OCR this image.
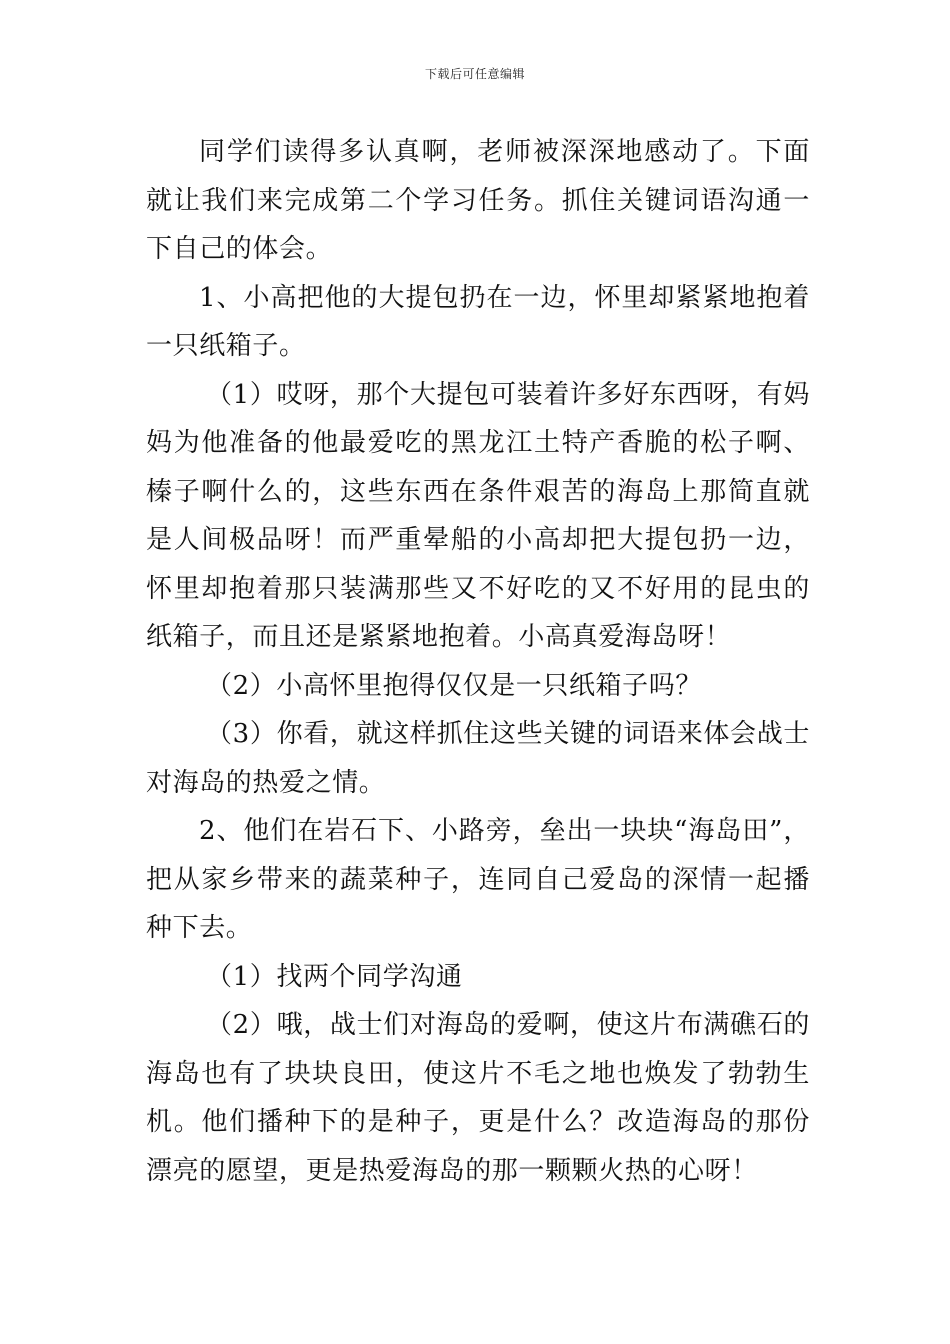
下载后可任意编辑

同学们读得多认真啊，老师被深深地感动了。下面就让我们来完成第二个学习任务。抓住关键词语沟通一下自己的体会。

1、小高把他的大提包扔在一边，怀里却紧紧地抱着一只纸箱子。

（1）哎呀，那个大提包可装着许多好东西呀，有妈妈为他准备的他最爱吃的黑龙江土特产香脆的松子啊、榛子啊什么的，这些东西在条件艰苦的海岛上那简直就是人间极品呀！而严重晕船的小高却把大提包扔一边，怀里却抱着那只装满那些又不好吃的又不好用的昆虫的纸箱子，而且还是紧紧地抱着。小高真爱海岛呀！

（2）小高怀里抱得仅仅是一只纸箱子吗？

（3）你看，就这样抓住这些关键的词语来体会战士对海岛的热爱之情。

2、他们在岩石下、小路旁，垒出一块块“海岛田”，把从家乡带来的蔬菜种子，连同自己爱岛的深情一起播种下去。

（1）找两个同学沟通

（2）哦，战士们对海岛的爱啊，使这片布满礁石的海岛也有了块块良田，使这片不毛之地也焕发了勃勃生机。他们播种下的是种子，更是什么？改造海岛的那份漂亮的愿望，更是热爱海岛的那一颗颗火热的心呀！
